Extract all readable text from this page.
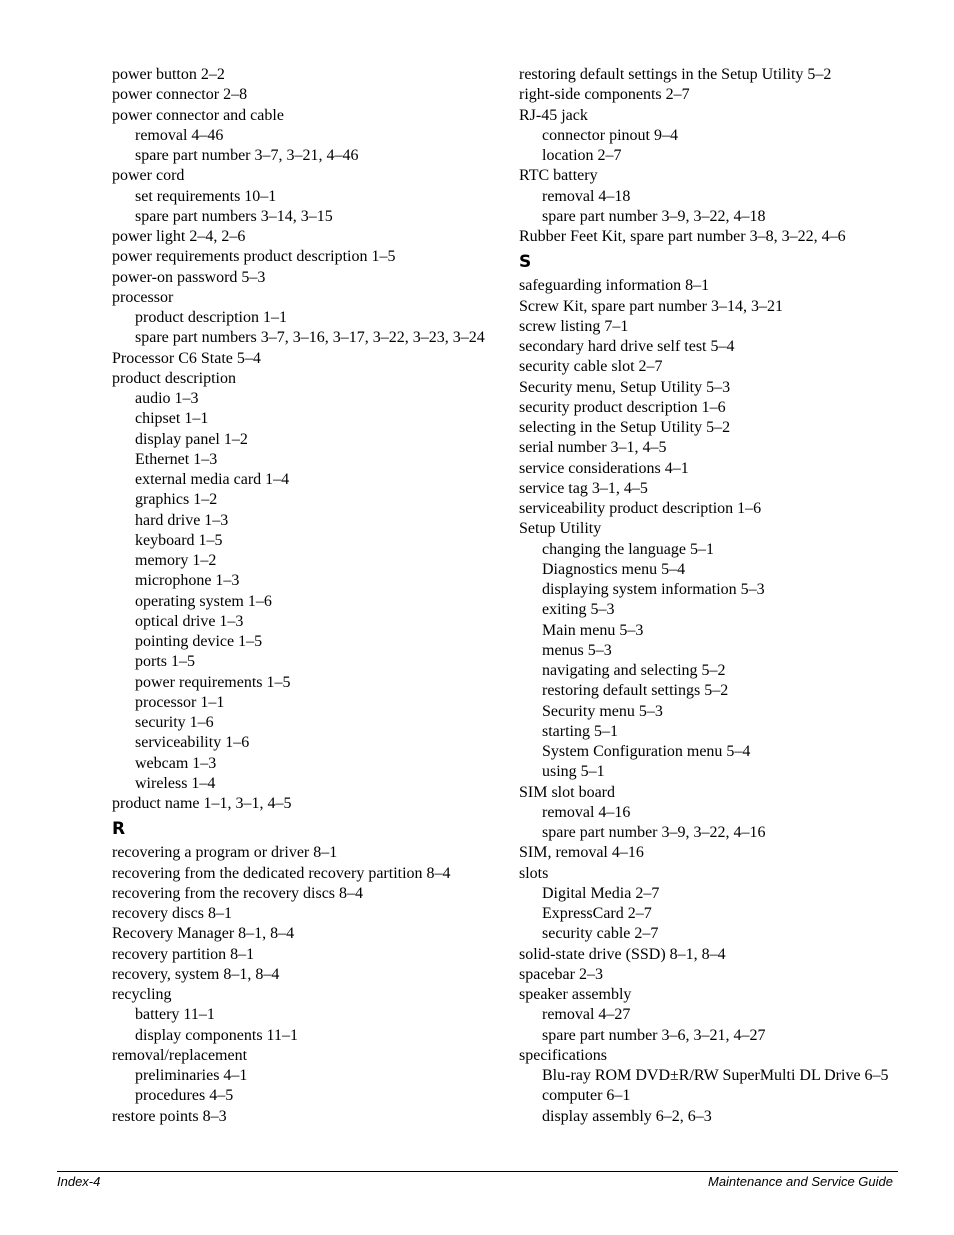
power button 2–2
power connector 2–8
power connector and cable
removal 4–46
spare part number 3–7, 3–21, 4–46
power cord
set requirements 10–1
spare part numbers 3–14, 3–15
power light 2–4, 2–6
power requirements product description 1–5
power-on password 5–3
processor
product description 1–1
spare part numbers 3–7, 3–16, 3–17, 3–22, 3–23, 3–24
Processor C6 State 5–4
product description
audio 1–3
chipset 1–1
display panel 1–2
Ethernet 1–3
external media card 1–4
graphics 1–2
hard drive 1–3
keyboard 1–5
memory 1–2
microphone 1–3
operating system 1–6
optical drive 1–3
pointing device 1–5
ports 1–5
power requirements 1–5
processor 1–1
security 1–6
serviceability 1–6
webcam 1–3
wireless 1–4
product name 1–1, 3–1, 4–5
R
recovering a program or driver 8–1
recovering from the dedicated recovery partition 8–4
recovering from the recovery discs 8–4
recovery discs 8–1
Recovery Manager 8–1, 8–4
recovery partition 8–1
recovery, system 8–1, 8–4
recycling
battery 11–1
display components 11–1
removal/replacement
preliminaries 4–1
procedures 4–5
restore points 8–3
restoring default settings in the Setup Utility 5–2
right-side components 2–7
RJ-45 jack
connector pinout 9–4
location 2–7
RTC battery
removal 4–18
spare part number 3–9, 3–22, 4–18
Rubber Feet Kit, spare part number 3–8, 3–22, 4–6
S
safeguarding information 8–1
Screw Kit, spare part number 3–14, 3–21
screw listing 7–1
secondary hard drive self test 5–4
security cable slot 2–7
Security menu, Setup Utility 5–3
security product description 1–6
selecting in the Setup Utility 5–2
serial number 3–1, 4–5
service considerations 4–1
service tag 3–1, 4–5
serviceability product description 1–6
Setup Utility
changing the language 5–1
Diagnostics menu 5–4
displaying system information 5–3
exiting 5–3
Main menu 5–3
menus 5–3
navigating and selecting 5–2
restoring default settings 5–2
Security menu 5–3
starting 5–1
System Configuration menu 5–4
using 5–1
SIM slot board
removal 4–16
spare part number 3–9, 3–22, 4–16
SIM, removal 4–16
slots
Digital Media 2–7
ExpressCard 2–7
security cable 2–7
solid-state drive (SSD) 8–1, 8–4
spacebar 2–3
speaker assembly
removal 4–27
spare part number 3–6, 3–21, 4–27
specifications
Blu-ray ROM DVD±R/RW SuperMulti DL Drive 6–5
computer 6–1
display assembly 6–2, 6–3
Index-4	Maintenance and Service Guide
